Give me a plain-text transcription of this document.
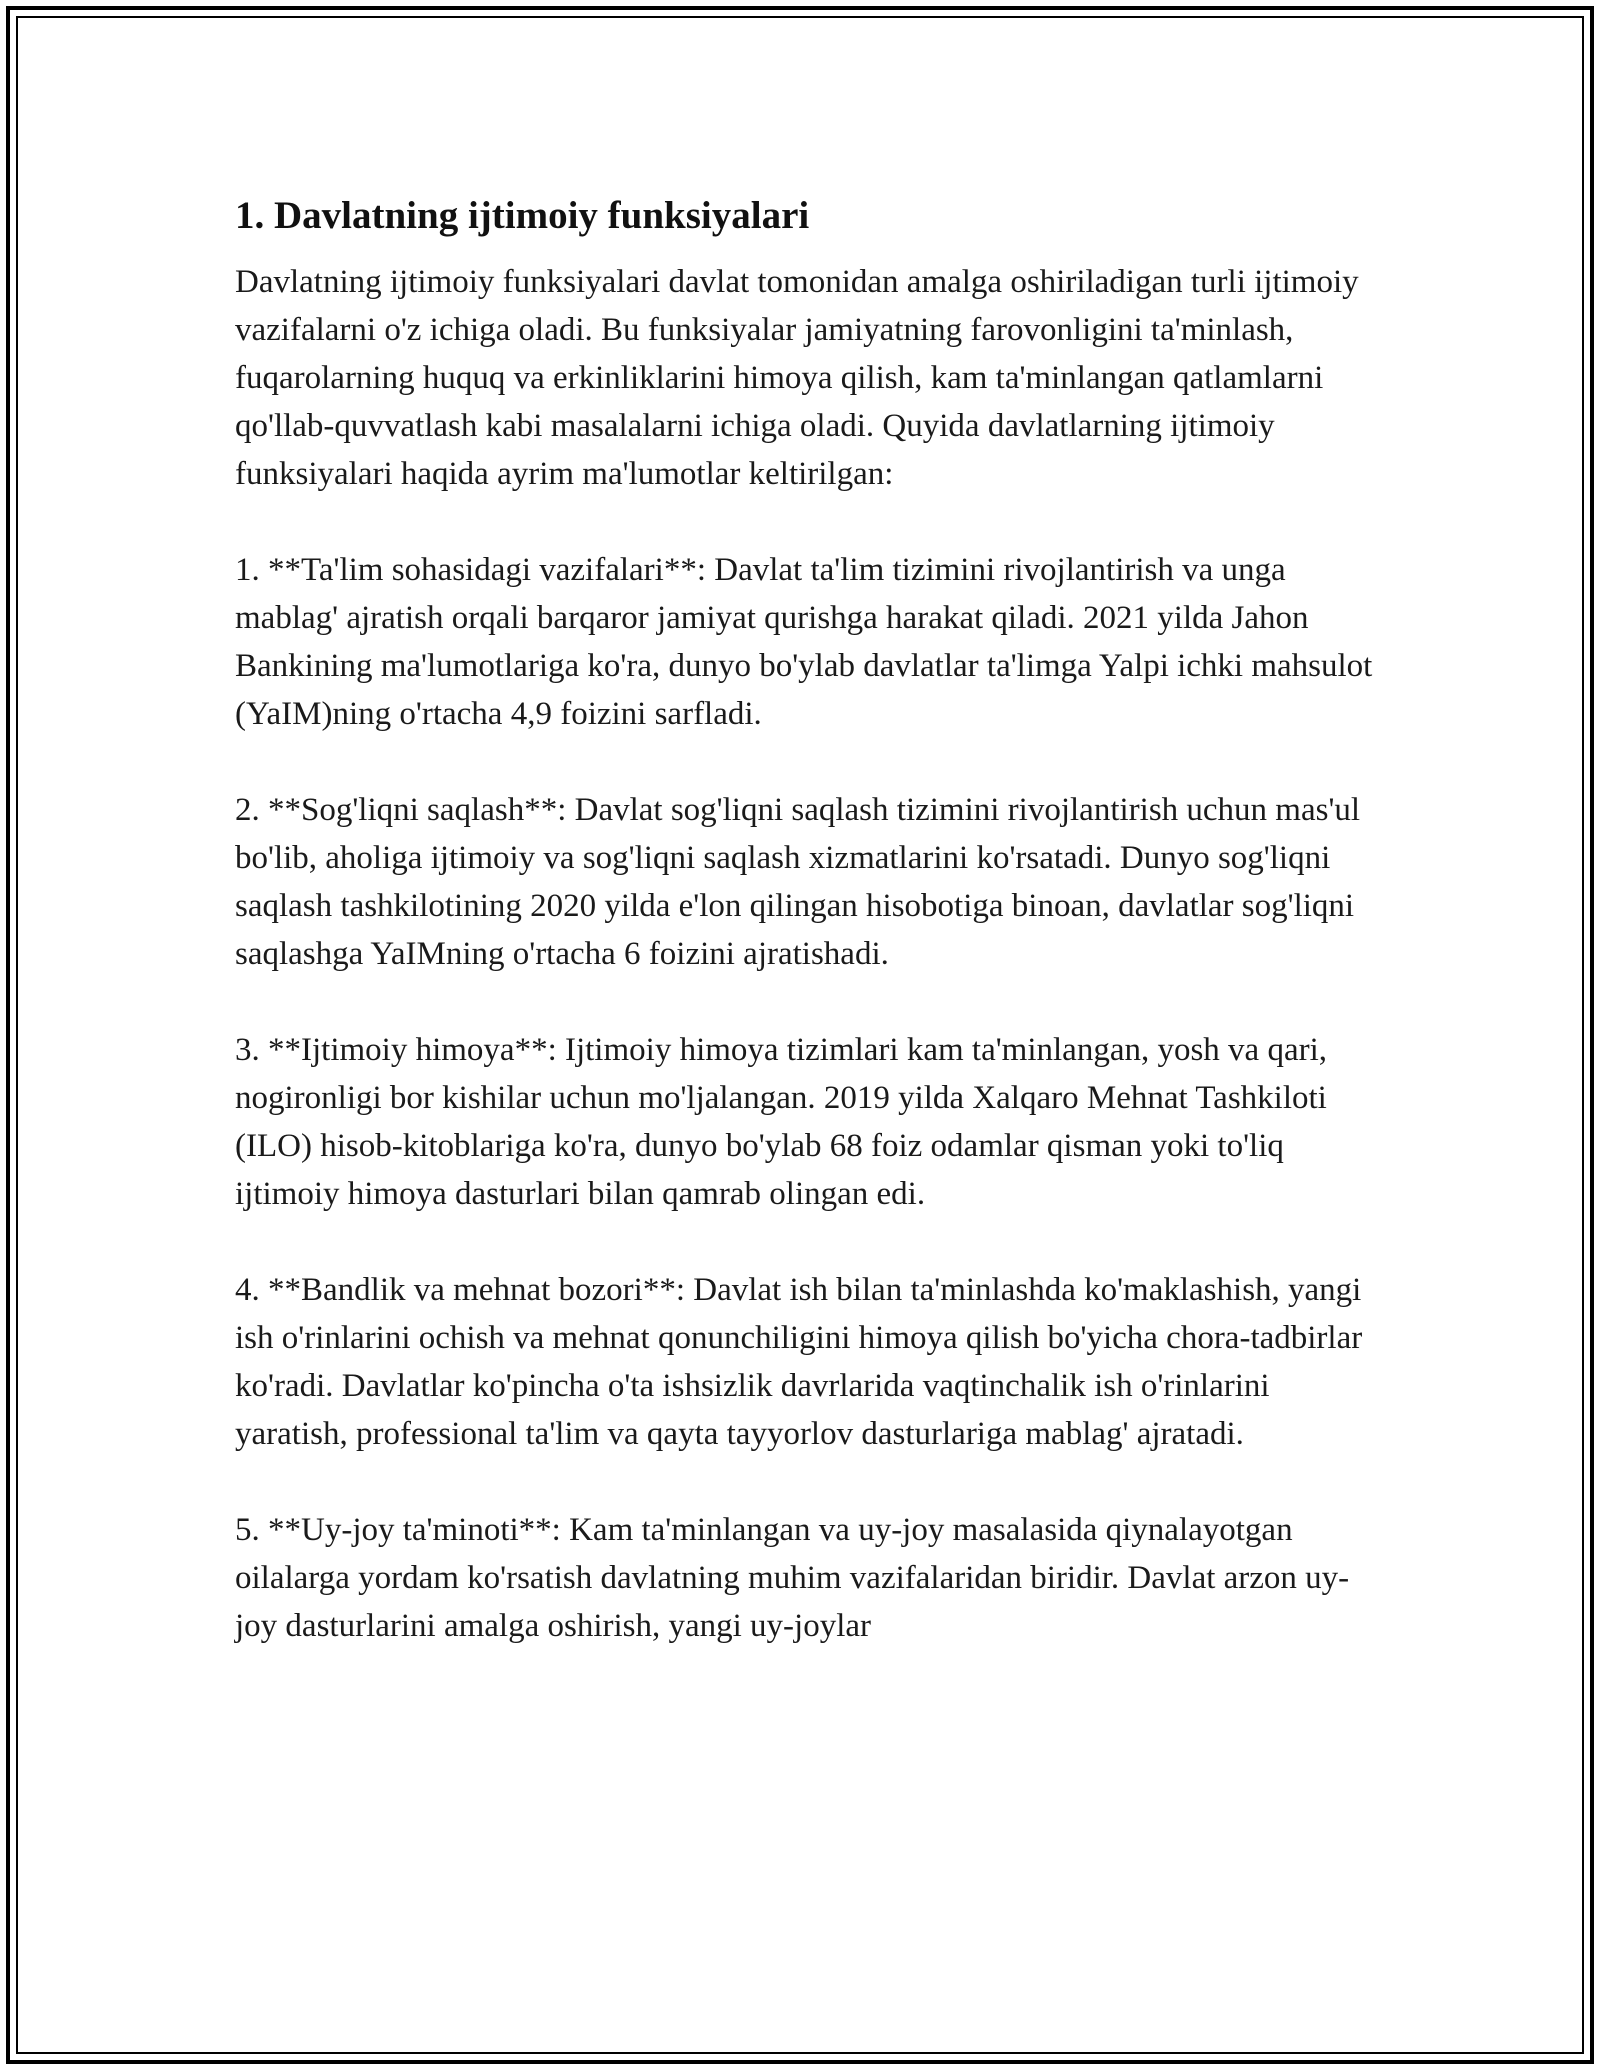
1. Davlatning ijtimoiy funksiyalari

Davlatning ijtimoiy funksiyalari davlat tomonidan amalga oshiriladigan turli ijtimoiy vazifalarni o'z ichiga oladi. Bu funksiyalar jamiyatning farovonligini ta'minlash, fuqarolarning huquq va erkinliklarini himoya qilish, kam ta'minlangan qatlamlarni qo'llab-quvvatlash kabi masalalarni ichiga oladi. Quyida davlatlarning ijtimoiy funksiyalari haqida ayrim ma'lumotlar keltirilgan:

1. **Ta'lim sohasidagi vazifalari**: Davlat ta'lim tizimini rivojlantirish va unga mablag' ajratish orqali barqaror jamiyat qurishga harakat qiladi. 2021 yilda Jahon Bankining ma'lumotlariga ko'ra, dunyo bo'ylab davlatlar ta'limga Yalpi ichki mahsulot (YaIM)ning o'rtacha 4,9 foizini sarfladi.

2. **Sog'liqni saqlash**: Davlat sog'liqni saqlash tizimini rivojlantirish uchun mas'ul bo'lib, aholiga ijtimoiy va sog'liqni saqlash xizmatlarini ko'rsatadi. Dunyo sog'liqni saqlash tashkilotining 2020 yilda e'lon qilingan hisobotiga binoan, davlatlar sog'liqni saqlashga YaIMning o'rtacha 6 foizini ajratishadi.

3. **Ijtimoiy himoya**: Ijtimoiy himoya tizimlari kam ta'minlangan, yosh va qari, nogironligi bor kishilar uchun mo'ljalangan. 2019 yilda Xalqaro Mehnat Tashkiloti (ILO) hisob-kitoblariga ko'ra, dunyo bo'ylab 68 foiz odamlar qisman yoki to'liq ijtimoiy himoya dasturlari bilan qamrab olingan edi.

4. **Bandlik va mehnat bozori**: Davlat ish bilan ta'minlashda ko'maklashish, yangi ish o'rinlarini ochish va mehnat qonunchiligini himoya qilish bo'yicha chora-tadbirlar ko'radi. Davlatlar ko'pincha o'ta ishsizlik davrlarida vaqtinchalik ish o'rinlarini yaratish, professional ta'lim va qayta tayyorlov dasturlariga mablag' ajratadi.

5. **Uy-joy ta'minoti**: Kam ta'minlangan va uy-joy masalasida qiynalayotgan oilalarga yordam ko'rsatish davlatning muhim vazifalaridan biridir. Davlat arzon uy-joy dasturlarini amalga oshirish, yangi uy-joylar
